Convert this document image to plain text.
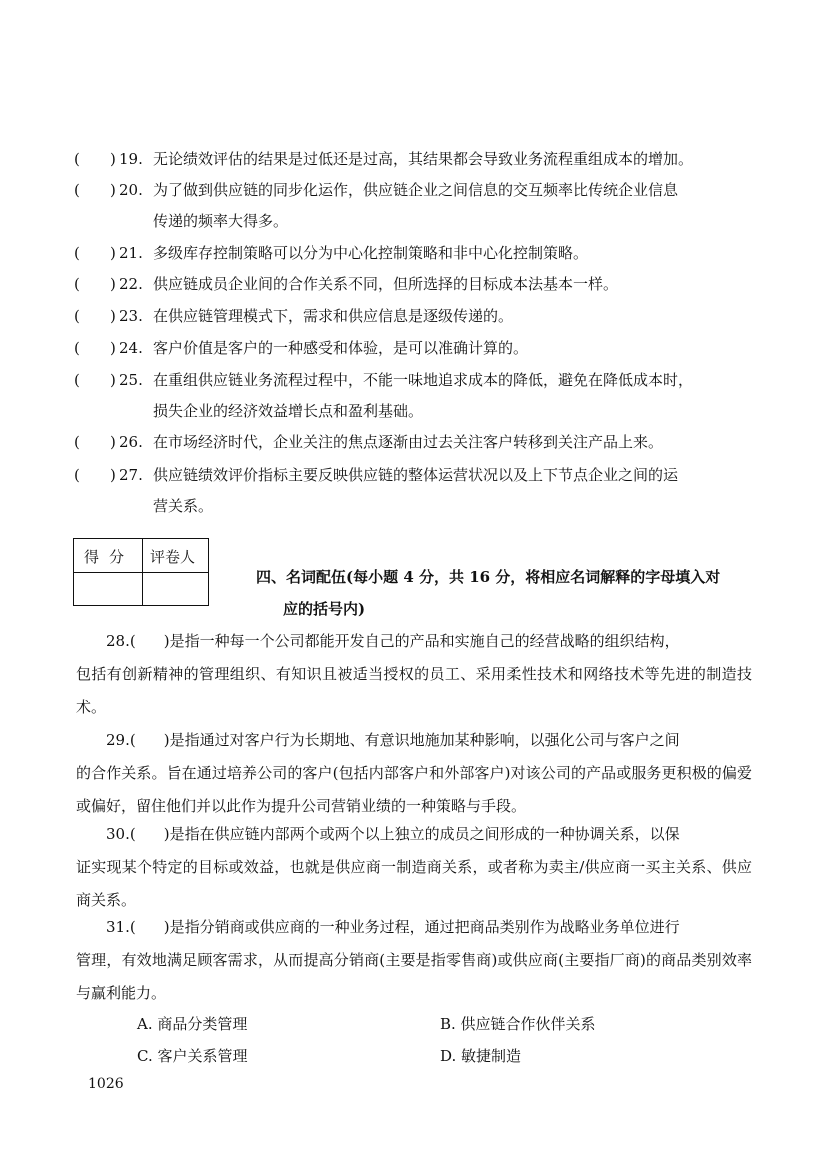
( ) 19. 无论绩效评估的结果是过低还是过高，其结果都会导致业务流程重组成本的增加。
( ) 20. 为了做到供应链的同步化运作，供应链企业之间信息的交互频率比传统企业信息
传递的频率大得多。
( ) 21. 多级库存控制策略可以分为中心化控制策略和非中心化控制策略。
( ) 22. 供应链成员企业间的合作关系不同，但所选择的目标成本法基本一样。
( ) 23. 在供应链管理模式下，需求和供应信息是逐级传递的。
( ) 24. 客户价值是客户的一种感受和体验，是可以准确计算的。
( ) 25. 在重组供应链业务流程过程中，不能一味地追求成本的降低，避免在降低成本时，
损失企业的经济效益增长点和盈利基础。
( ) 26. 在市场经济时代，企业关注的焦点逐渐由过去关注客户转移到关注产品上来。
( ) 27. 供应链绩效评价指标主要反映供应链的整体运营状况以及上下节点企业之间的运
营关系。
得分 评卷人
四、名词配伍(每小题 4 分，共 16 分，将相应名词解释的字母填入对
应的括号内)
28.( )是指一种每一个公司都能开发自己的产品和实施自己的经营战略的组织结构，
包括有创新精神的管理组织、有知识且被适当授权的员工、采用柔性技术和网络技术等先进的制造技术。
29.( )是指通过对客户行为长期地、有意识地施加某种影响，以强化公司与客户之间
的合作关系。旨在通过培养公司的客户(包括内部客户和外部客户)对该公司的产品或服务更积极的偏爱或偏好，留住他们并以此作为提升公司营销业绩的一种策略与手段。
30.( )是指在供应链内部两个或两个以上独立的成员之间形成的一种协调关系，以保
证实现某个特定的目标或效益，也就是供应商一制造商关系，或者称为卖主/供应商一买主关系、供应商关系。
31.( )是指分销商或供应商的一种业务过程，通过把商品类别作为战略业务单位进行
管理，有效地满足顾客需求，从而提高分销商(主要是指零售商)或供应商(主要指厂商)的商品类别效率与赢利能力。
A. 商品分类管理	B. 供应链合作伙伴关系
C. 客户关系管理	D. 敏捷制造
1026
